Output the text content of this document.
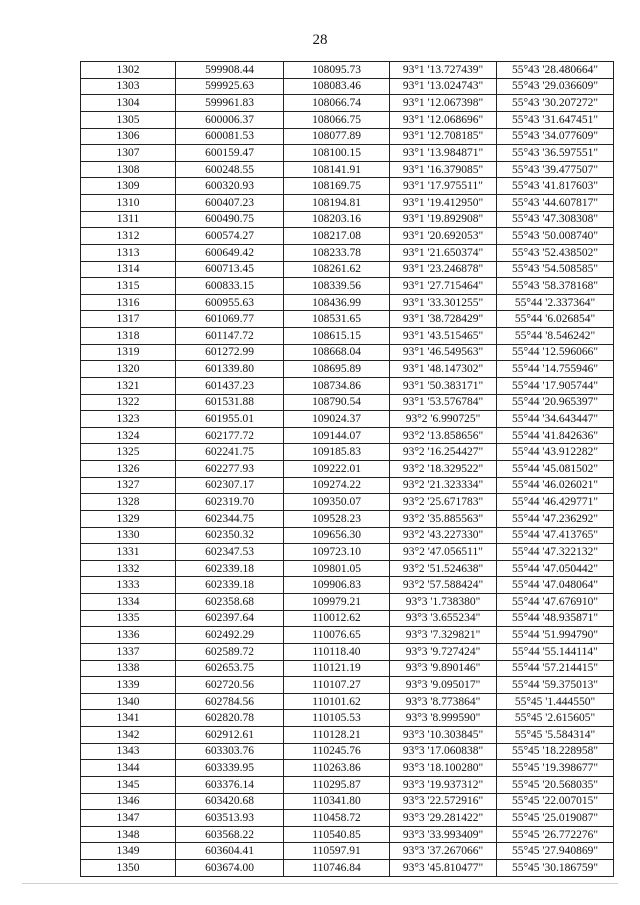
28
1302	599908.44	108095.73	93°1 '13.727439"	55°43 '28.480664"
1303	599925.63	108083.46	93°1 '13.024743"	55°43 '29.036609"
1304	599961.83	108066.74	93°1 '12.067398"	55°43 '30.207272"
1305	600006.37	108066.75	93°1 '12.068696"	55°43 '31.647451"
1306	600081.53	108077.89	93°1 '12.708185"	55°43 '34.077609"
1307	600159.47	108100.15	93°1 '13.984871"	55°43 '36.597551"
1308	600248.55	108141.91	93°1 '16.379085"	55°43 '39.477507"
1309	600320.93	108169.75	93°1 '17.975511"	55°43 '41.817603"
1310	600407.23	108194.81	93°1 '19.412950"	55°43 '44.607817"
1311	600490.75	108203.16	93°1 '19.892908"	55°43 '47.308308"
1312	600574.27	108217.08	93°1 '20.692053"	55°43 '50.008740"
1313	600649.42	108233.78	93°1 '21.650374"	55°43 '52.438502"
1314	600713.45	108261.62	93°1 '23.246878"	55°43 '54.508585"
1315	600833.15	108339.56	93°1 '27.715464"	55°43 '58.378168"
1316	600955.63	108436.99	93°1 '33.301255"	55°44 '2.337364"
1317	601069.77	108531.65	93°1 '38.728429"	55°44 '6.026854"
1318	601147.72	108615.15	93°1 '43.515465"	55°44 '8.546242"
1319	601272.99	108668.04	93°1 '46.549563"	55°44 '12.596066"
1320	601339.80	108695.89	93°1 '48.147302"	55°44 '14.755946"
1321	601437.23	108734.86	93°1 '50.383171"	55°44 '17.905744"
1322	601531.88	108790.54	93°1 '53.576784"	55°44 '20.965397"
1323	601955.01	109024.37	93°2 '6.990725"	55°44 '34.643447"
1324	602177.72	109144.07	93°2 '13.858656"	55°44 '41.842636"
1325	602241.75	109185.83	93°2 '16.254427"	55°44 '43.912282"
1326	602277.93	109222.01	93°2 '18.329522"	55°44 '45.081502"
1327	602307.17	109274.22	93°2 '21.323334"	55°44 '46.026021"
1328	602319.70	109350.07	93°2 '25.671783"	55°44 '46.429771"
1329	602344.75	109528.23	93°2 '35.885563"	55°44 '47.236292"
1330	602350.32	109656.30	93°2 '43.227330"	55°44 '47.413765"
1331	602347.53	109723.10	93°2 '47.056511"	55°44 '47.322132"
1332	602339.18	109801.05	93°2 '51.524638"	55°44 '47.050442"
1333	602339.18	109906.83	93°2 '57.588424"	55°44 '47.048064"
1334	602358.68	109979.21	93°3 '1.738380"	55°44 '47.676910"
1335	602397.64	110012.62	93°3 '3.655234"	55°44 '48.935871"
1336	602492.29	110076.65	93°3 '7.329821"	55°44 '51.994790"
1337	602589.72	110118.40	93°3 '9.727424"	55°44 '55.144114"
1338	602653.75	110121.19	93°3 '9.890146"	55°44 '57.214415"
1339	602720.56	110107.27	93°3 '9.095017"	55°44 '59.375013"
1340	602784.56	110101.62	93°3 '8.773864"	55°45 '1.444550"
1341	602820.78	110105.53	93°3 '8.999590"	55°45 '2.615605"
1342	602912.61	110128.21	93°3 '10.303845"	55°45 '5.584314"
1343	603303.76	110245.76	93°3 '17.060838"	55°45 '18.228958"
1344	603339.95	110263.86	93°3 '18.100280"	55°45 '19.398677"
1345	603376.14	110295.87	93°3 '19.937312"	55°45 '20.568035"
1346	603420.68	110341.80	93°3 '22.572916"	55°45 '22.007015"
1347	603513.93	110458.72	93°3 '29.281422"	55°45 '25.019087"
1348	603568.22	110540.85	93°3 '33.993409"	55°45 '26.772276"
1349	603604.41	110597.91	93°3 '37.267066"	55°45 '27.940869"
1350	603674.00	110746.84	93°3 '45.810477"	55°45 '30.186759"
